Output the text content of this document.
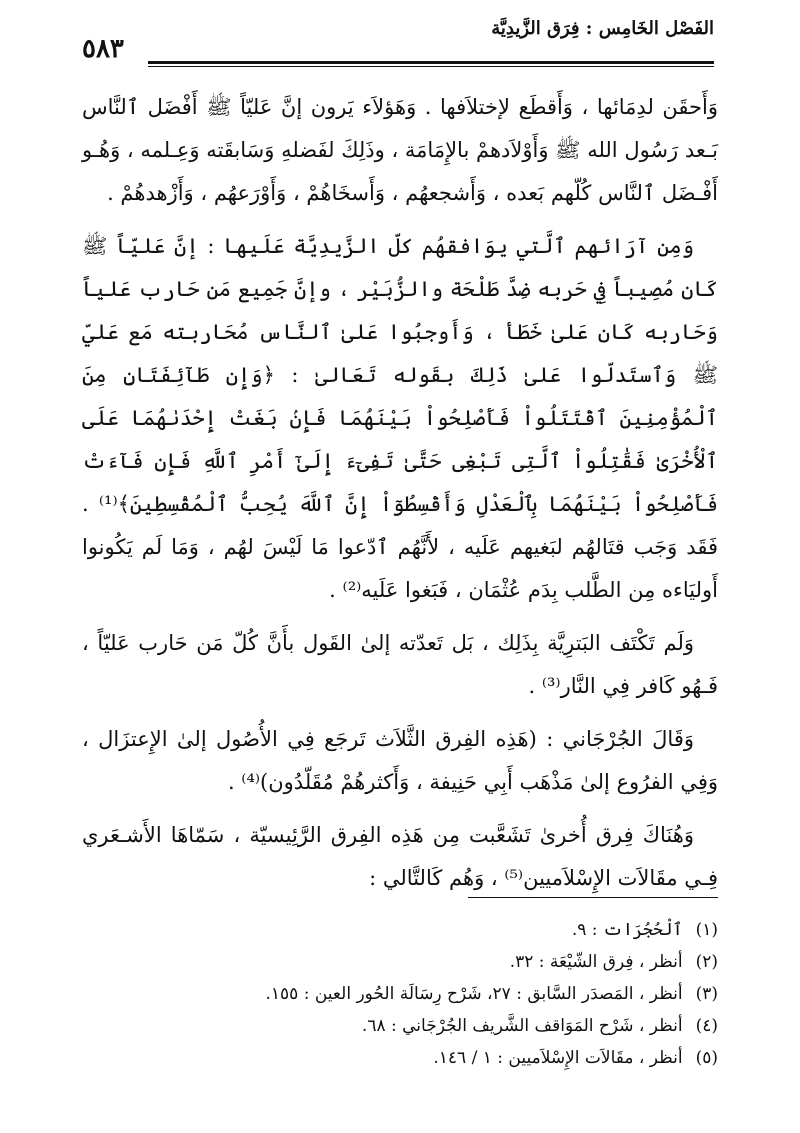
الفَصْل الخَامِس : فِرَق الزَّيدِيَّة
٥٨٣

وَأَحقَن لدِمَائها ، وَأَقطَع لإختلاَفها . وَهَؤلاَء يَرون إنَّ عَليّاً ﷺ أَفْضَل ٱلنَّاس بَـعد رَسُول الله ﷺ وَأَوْلاَدهمْ بالإِمَامَة ، وذَلِكَ لفَضلهِ وَسَابقَته وَعِـلمه ، وَهُـو أَفْـضَل ٱلنَّاس كُلّهم بَعده ، وَأَشجعهُم ، وَأَسخَاهُمْ ، وَأَوْرَعهُم ، وَأَزْهدهُمْ .

وَمِن آرَائهم ٱلَّتي يوَافقهُم كلّ الزَّيدِيَّة عَلَيها : إنَّ عَليّاً ﷺ كَان مُصِيباً فِي حَربه ضِدَّ طَلْحَة والزُّبَيْر ، وإنَّ جَمِيع مَن حَارب عَلياً وَحَاربه كَان عَلىٰ خَطَأ ، وَأَوجبُوا عَلىٰ ٱلنَّاس مُحَاربته مَع عَليّ ﷺ وَٱستَدلّوا عَلىٰ ذَلِكَ بقَوله تَعَالىٰ : ﴿وَإِن طَآئِفَتَانِ مِنَ ٱلْمُؤْمِنِينَ ٱقْتَتَلُواْ فَأَصْلِحُواْ بَيْنَهُمَا فَإِنۢ بَغَتْ إِحْدَىٰهُمَا عَلَى ٱلْأُخْرَىٰ فَقَٰتِلُواْ ٱلَّتِى تَبْغِى حَتَّىٰ تَفِىٓءَ إِلَىٰٓ أَمْرِ ٱللَّهِ فَإِن فَآءَتْ فَأَصْلِحُواْ بَيْنَهُمَا بِٱلْعَدْلِ وَأَقْسِطُوٓاْ إِنَّ ٱللَّهَ يُحِبُّ ٱلْمُقْسِطِينَ﴾⁽¹⁾ . فَقَد وَجَب قتَالهُم لبَغيهم عَلَيه ، لأَنَّهُم ٱدّعوا مَا لَيْسَ لهُم ، وَمَا لَم يَكُونوا أَوليَاءه مِن الطَّلب بِدَم عُثْمَان ، فَبَغوا عَلَيه⁽²⁾ .

وَلَم تَكْتَف البَترِيَّة بِذَلِك ، بَل تَعدّته إلىٰ القَول بأَنَّ كُلّ مَن حَارب عَليّاً ، فَـهُو كَافر فِي النَّار⁽³⁾ .

وَقَالَ الجُرْجَاني : (هَذِه الفِرق الثَّلاَث تَرجَع فِي الأُصُول إلىٰ الإِعتزَال ، وَفِي الفرُوع إلىٰ مَذْهَب أَبِي حَنِيفة ، وَأَكثرهُمْ مُقَلّدُون)⁽⁴⁾ .

وَهُنَاكَ فِرق أُخرىٰ تَشَعَّبت مِن هَذِه الفِرق الرَّئِيسيّة ، سَمّاهَا الأَشـعَري فِـي مقَالاَت الإِسْلاَميين⁽⁵⁾ ، وَهُم كَالتَّالي :

(١) ٱلْحُجُرَات : ٩.

(٢) أنظر ، فِرق الشّيْعَة : ٣٢.

(٣) أنظر ، المَصدَر السَّابق : ٢٧، شَرْح رِسَالَة الحُور العين : ١٥٥.

(٤) أنظر ، شَرْح المَوَاقف الشَّريف الجُرْجَاني : ٦٨.

(٥) أنظر ، مقَالاَت الإِسْلاَميين : ١ / ١٤٦.
